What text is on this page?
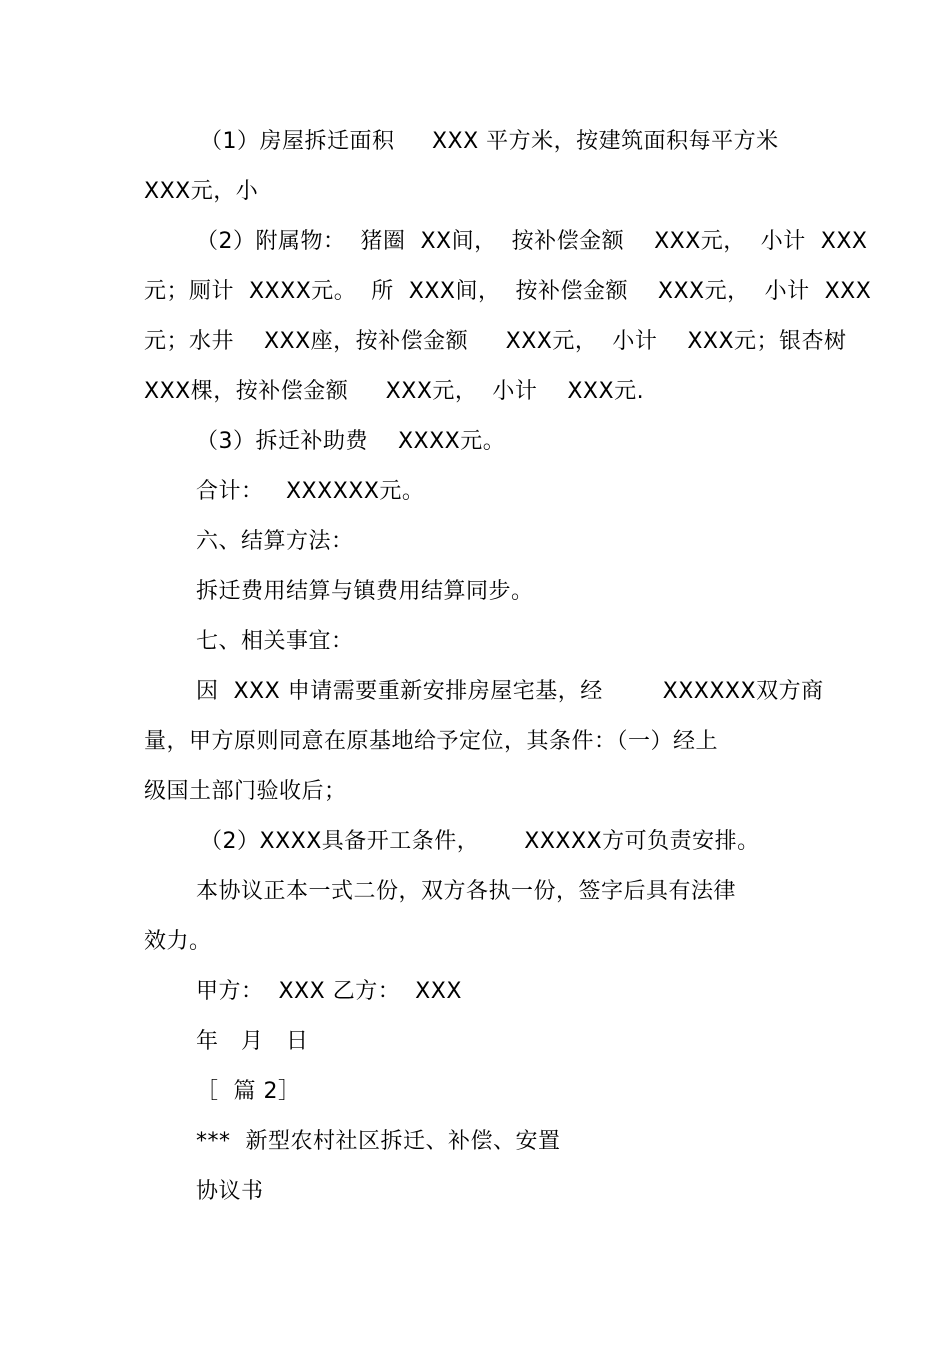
（1）房屋拆迁面积     XXX 平方米，按建筑面积每平方米
XXX元，小
（2）附属物：  猪圈  XX间，  按补偿金额    XXX元，  小计  XXX
元；厕计  XXXX元。  所  XXX间，  按补偿金额    XXX元，  小计  XXX
元；水井    XXX座，按补偿金额     XXX元，  小计    XXX元；银杏树
XXX棵，按补偿金额     XXX元，  小计    XXX元.
（3）拆迁补助费    XXXX元。
合计：   XXXXXX元。
六、结算方法：
拆迁费用结算与镇费用结算同步。
七、相关事宜：
因  XXX 申请需要重新安排房屋宅基，经        XXXXXX双方商
量，甲方原则同意在原基地给予定位，其条件：（一）经上
级国土部门验收后；
（2）XXXX具备开工条件，      XXXXX方可负责安排。
本协议正本一式二份，双方各执一份，签字后具有法律
效力。
甲方：  XXX 乙方：  XXX
年   月   日
［  篇 2］
***  新型农村社区拆迁、补偿、安置
协议书
